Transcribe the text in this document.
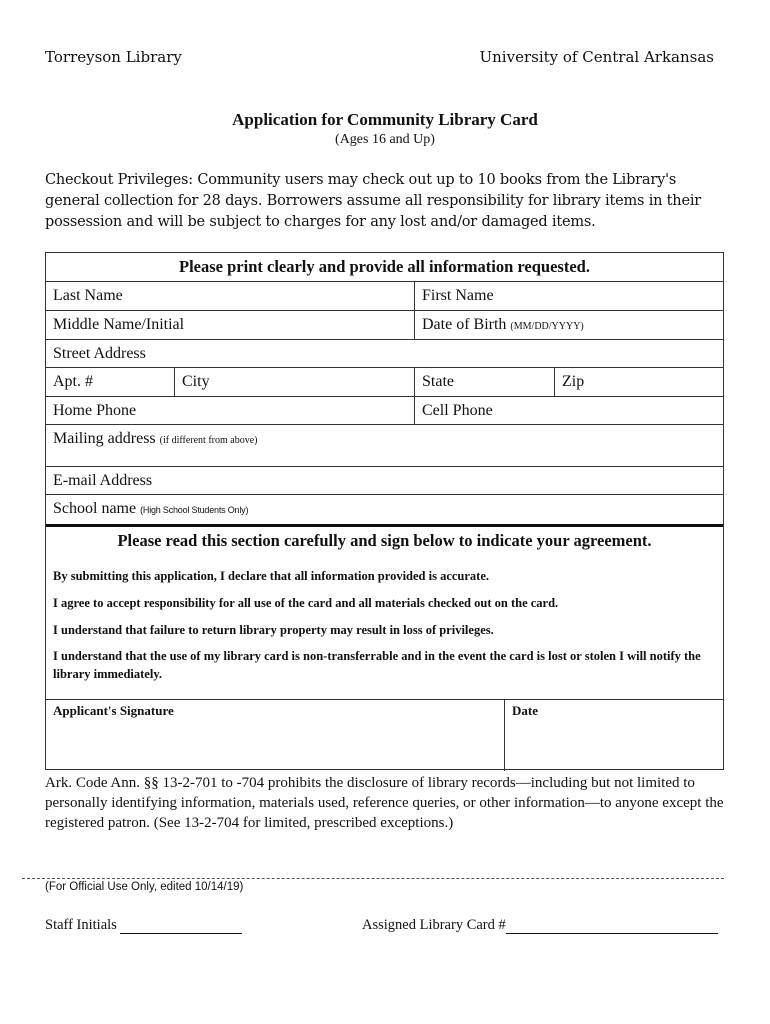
Torreyson Library	University of Central Arkansas
Application for Community Library Card
(Ages 16 and Up)
Checkout Privileges: Community users may check out up to 10 books from the Library's general collection for 28 days. Borrowers assume all responsibility for library items in their possession and will be subject to charges for any lost and/or damaged items.
Please print clearly and provide all information requested.
Last Name	First Name
Middle Name/Initial	Date of Birth (MM/DD/YYYY)
Street Address
Apt. #	City	State	Zip
Home Phone	Cell Phone
Mailing address (if different from above)
E-mail Address
School name (High School Students Only)
Please read this section carefully and sign below to indicate your agreement.
By submitting this application, I declare that all information provided is accurate.
I agree to accept responsibility for all use of the card and all materials checked out on the card.
I understand that failure to return library property may result in loss of privileges.
I understand that the use of my library card is non-transferrable and in the event the card is lost or stolen I will notify the library immediately.
Applicant's Signature	Date
Ark. Code Ann. §§ 13-2-701 to -704 prohibits the disclosure of library records—including but not limited to personally identifying information, materials used, reference queries, or other information—to anyone except the registered patron. (See 13-2-704 for limited, prescribed exceptions.)
(For Official Use Only, edited 10/14/19)
Staff Initials	Assigned Library Card #
